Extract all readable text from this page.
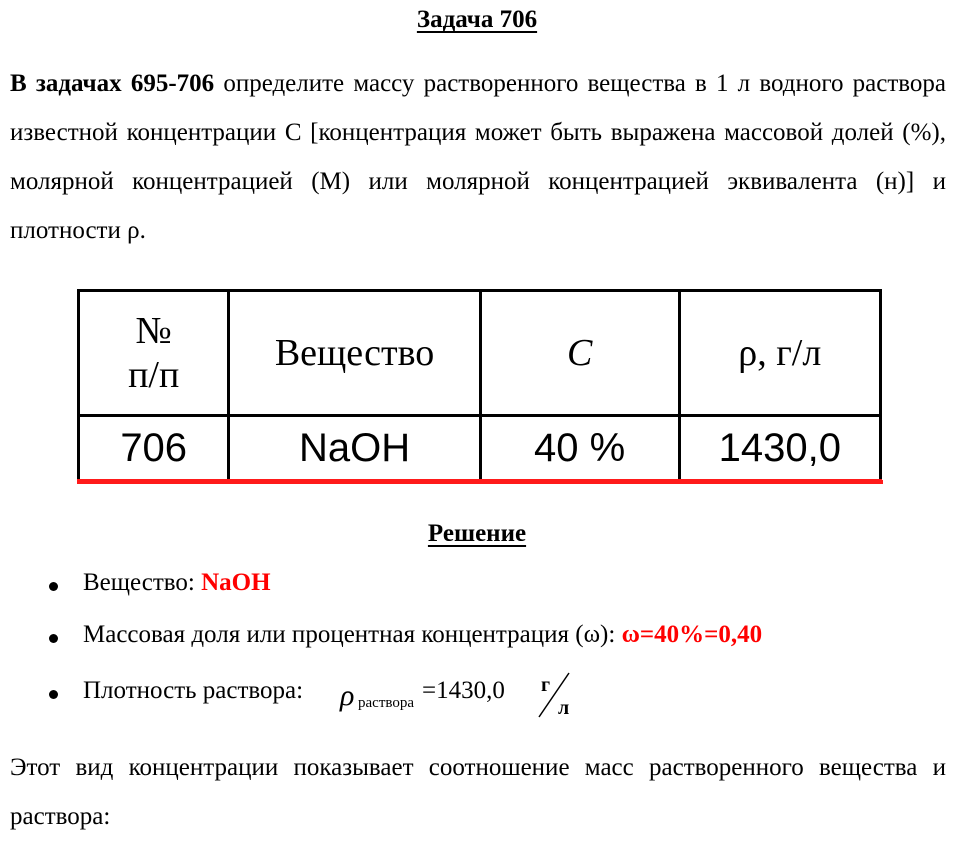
Задача 706
В задачах 695-706 определите массу растворенного вещества в 1 л водного раствора известной концентрации С [концентрация может быть выражена массовой долей (%), молярной концентрацией (М) или молярной концентрацией эквивалента (н)] и плотности ρ.
№
п/п	Вещество	С	ρ, г/л
706	NaOH	40 %	1430,0
Решение
Вещество: NaOH
Массовая доля или процентная концентрация (ω): ω=40%=0,40
Плотность раствора: ρ раствора =1430,0 г
л
Этот вид концентрации показывает соотношение масс растворенного вещества и раствора:
